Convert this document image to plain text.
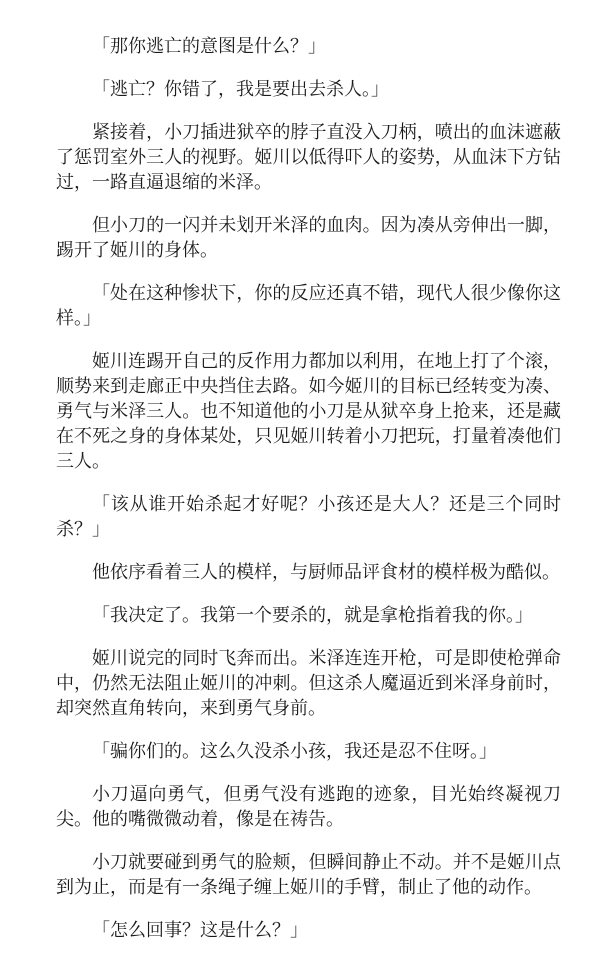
「那你逃亡的意图是什么？」

「逃亡？你错了，我是要出去杀人。」

紧接着，小刀插进狱卒的脖子直没入刀柄，喷出的血沫遮蔽了惩罚室外三人的视野。姬川以低得吓人的姿势，从血沫下方钻过，一路直逼退缩的米泽。

但小刀的一闪并未划开米泽的血肉。因为凑从旁伸出一脚，踢开了姬川的身体。

「处在这种惨状下，你的反应还真不错，现代人很少像你这样。」

姬川连踢开自己的反作用力都加以利用，在地上打了个滚，顺势来到走廊正中央挡住去路。如今姬川的目标已经转变为凑、勇气与米泽三人。也不知道他的小刀是从狱卒身上抢来，还是藏在不死之身的身体某处，只见姬川转着小刀把玩，打量着凑他们三人。

「该从谁开始杀起才好呢？小孩还是大人？还是三个同时杀？」

他依序看着三人的模样，与厨师品评食材的模样极为酷似。

「我决定了。我第一个要杀的，就是拿枪指着我的你。」

姬川说完的同时飞奔而出。米泽连连开枪，可是即使枪弹命中，仍然无法阻止姬川的冲刺。但这杀人魔逼近到米泽身前时，却突然直角转向，来到勇气身前。

「骗你们的。这么久没杀小孩，我还是忍不住呀。」

小刀逼向勇气，但勇气没有逃跑的迹象，目光始终凝视刀尖。他的嘴微微动着，像是在祷告。

小刀就要碰到勇气的脸颊，但瞬间静止不动。并不是姬川点到为止，而是有一条绳子缠上姬川的手臂，制止了他的动作。

「怎么回事？这是什么？」
